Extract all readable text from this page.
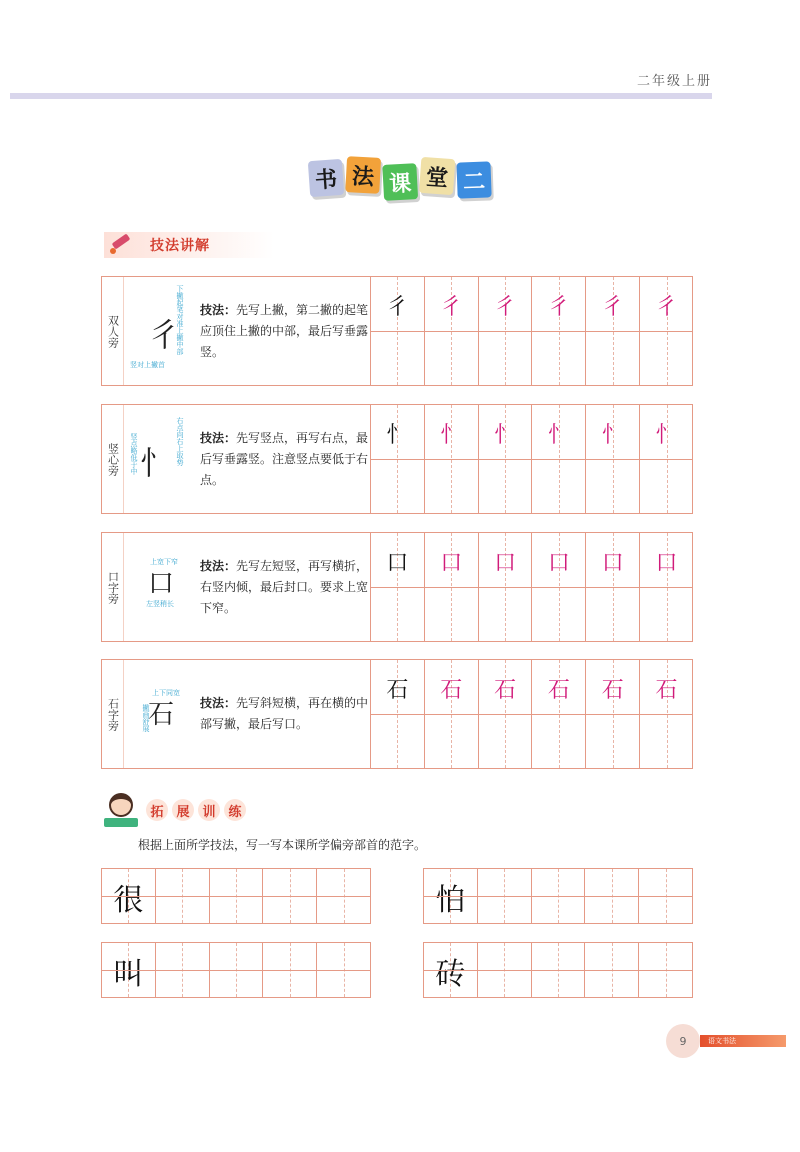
二年级上册
书 法 课 堂 二
技法讲解
双人旁 彳
下撇起笔对准上撇中部
竖对上撇首
技法：先写上撇，第二撇的起笔应顶住上撇的中部，最后写垂露竖。
彳	彳	彳	彳	彳	彳
竖心旁 忄 右点向右上取势
竖点略低于中	技法：先写竖点，再写右点，最后写垂露竖。注意竖点要低于右点。
忄	忄	忄	忄	忄	忄
口字旁 口
上宽下窄
左竖稍长
技法：先写左短竖，再写横折，右竖内倾，最后封口。要求上宽下窄。
口	口	口	口	口	口
石字旁 石
上下同宽
撇画舒展
技法：先写斜短横，再在横的中部写撇，最后写口。
石	石	石	石	石	石
拓 展 训 练
根据上面所学技法，写一写本课所学偏旁部首的范字。
很	怕
叫	砖
9	语文书法
